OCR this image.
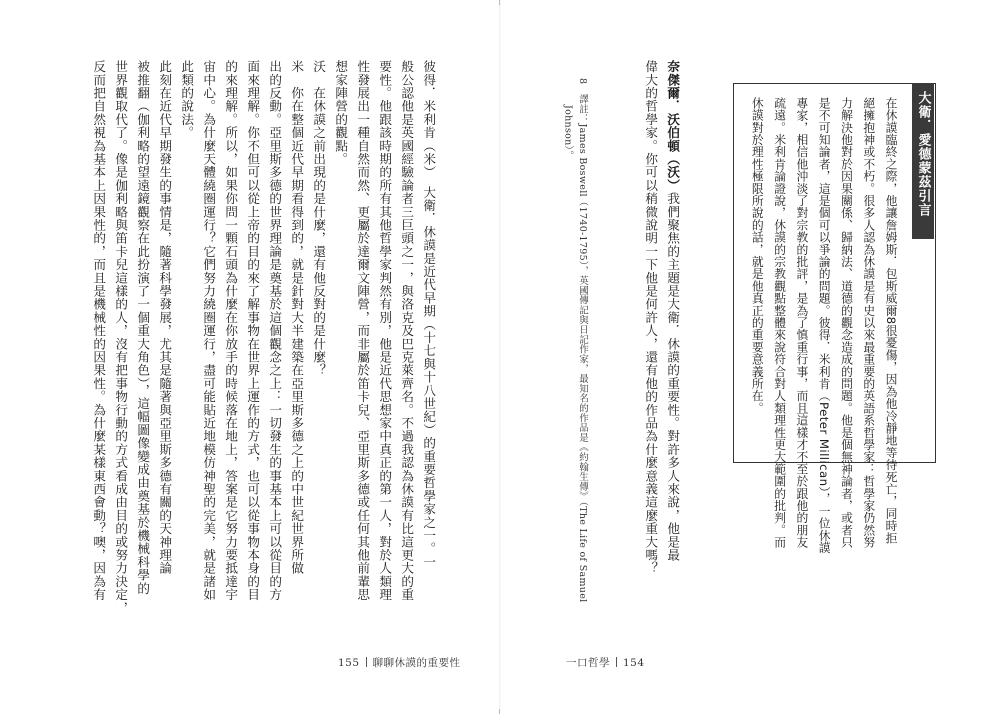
大衛．愛德蒙茲引言
在休謨臨終之際，他讓詹姆斯．包斯威爾8很憂傷，因為他冷靜地等待死亡，同時拒
絕擁抱神或不朽。很多人認為休謨是有史以來最重要的英語系哲學家：哲學家仍然努
力解決他對於因果關係、歸納法、道德的觀念造成的問題。他是個無神論者，或者只
是不可知論者，這是個可以爭論的問題。彼得．米利肯（Peter Millican），一位休謨
專家，相信他沖淡了對宗教的批評，是為了慎重行事，而且這樣才不至於跟他的朋友
疏遠。米利肯論證說，休謨的宗教觀點整體來說符合對人類理性更大範圍的批判。而
休謨對於理性極限所說的話，就是他真正的重要意義所在。
奈傑爾．沃伯頓（沃）我們聚焦的主題是大衛．休謨的重要性。對許多人來說，他是最
偉大的哲學家。你可以稍微說明一下他是何許人，還有他的作品為什麼意義這麼重大嗎？
8　譯註：James Boswell（1740-1795），英國傳記與日記作家，最知名的作品是《約翰生傳》（The Life of Samuel
Johnson）。
一口哲學 154
彼得．米利肯（米）　大衛．休謨是近代早期（十七與十八世紀）的重要哲學家之一。一
般公認他是英國經驗論者三巨頭之一，與洛克及巴克萊齊名。不過我認為休謨有比這更大的重
要性。他跟該時期的所有其他哲學家判然有別，他是近代思想家中真正的第一人，對於人類理
性發展出一種自然而然、更屬於達爾文陣營，而非屬於笛卡兒、亞里斯多德或任何其他前輩思
想家陣營的觀點。
沃　在休謨之前出現的是什麼，還有他反對的是什麼？
米　你在整個近代早期看得到的，就是針對大半建築在亞里斯多德之上的中世紀世界所做
出的反動。亞里斯多德的世界理論是奠基於這個觀念之上：一切發生的事基本上可以從目的方
面來理解。你不但可以從上帝的目的來了解事物在世界上運作的方式，也可以從事物本身的目
的來理解。所以，如果你問一顆石頭為什麼在你放手的時候落在地上，答案是它努力要抵達宇
宙中心。為什麼天體繞圈運行？它們努力繞圈運行，盡可能貼近地模仿神聖的完美，就是諸如
此類的說法。
此刻在近代早期發生的事情是，隨著科學發展，尤其是隨著與亞里斯多德有關的天神理論
被推翻（伽利略的望遠鏡觀察在此扮演了一個重大角色），這幅圖像變成由奠基於機械科學的
世界觀取代了。像是伽利略與笛卡兒這樣的人，沒有把事物行動的方式看成由目的或努力決定，
反而把自然視為基本上因果性的，而且是機械性的因果性。為什麼某樣東西會動？噢，因為有
155 聊聊休謨的重要性
